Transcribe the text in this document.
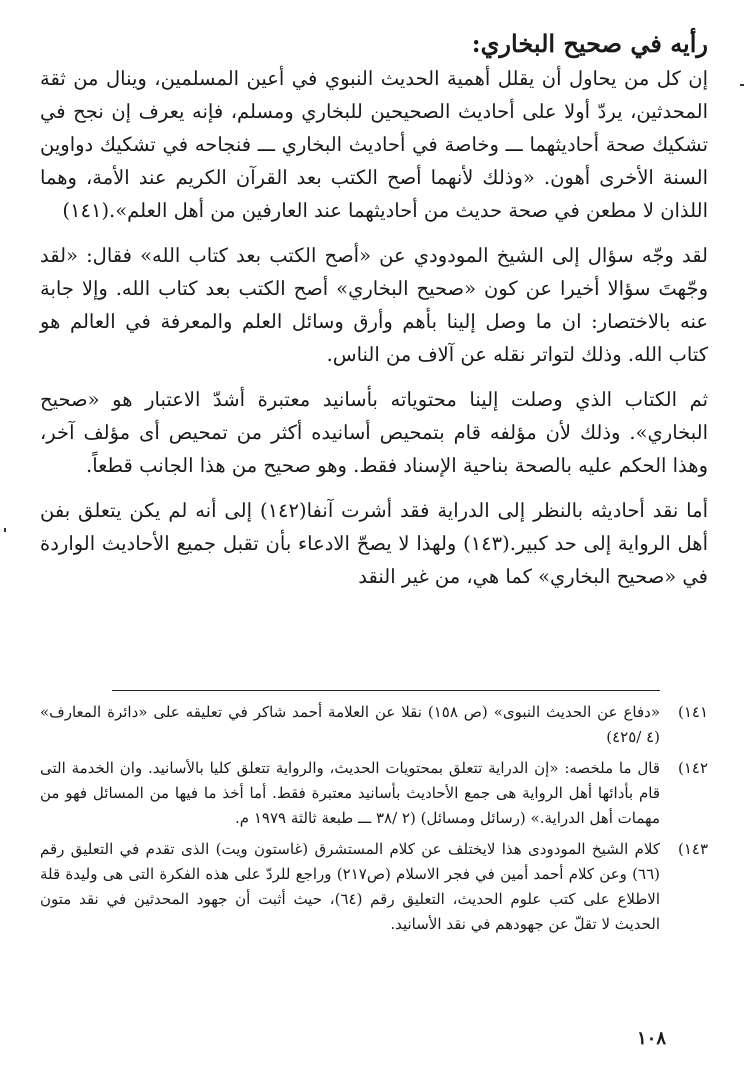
رأيه في صحيح البخاري:

إن كل من يحاول أن يقلل أهمية الحديث النبوي في أعين المسلمين، وينال من ثقة المحدثين، يردّ أولا على أحاديث الصحيحين للبخاري ومسلم، فإنه يعرف إن نجح في تشكيك صحة أحاديثهما ـــ وخاصة في أحاديث البخاري ـــ فنجاحه في تشكيك دواوين السنة الأخرى أهون. «وذلك لأنهما أصح الكتب بعد القرآن الكريم عند الأمة، وهما اللذان لا مطعن في صحة حديث من أحاديثهما عند العارفين من أهل العلم».(١٤١)

لقد وجّه سؤال إلى الشيخ المودودي عن «أصح الكتب بعد كتاب الله» فقال: «لقد وجّهتَ سؤالا أخيرا عن كون «صحيح البخاري» أصح الكتب بعد كتاب الله. وإلا جابة عنه بالاختصار: ان ما وصل إلينا بأهم وأرق وسائل العلم والمعرفة في العالم هو كتاب الله. وذلك لتواتر نقله عن آلاف من الناس.

ثم الكتاب الذي وصلت إلينا محتوياته بأسانيد معتبرة أشدّ الاعتبار هو «صحيح البخاري». وذلك لأن مؤلفه قام بتمحيص أسانيده أكثر من تمحيص أى مؤلف آخر، وهذا الحكم عليه بالصحة بناحية الإسناد فقط. وهو صحيح من هذا الجانب قطعاً.

أما نقد أحاديثه بالنظر إلى الدراية فقد أشرت آنفا(١٤٢) إلى أنه لم يكن يتعلق بفن أهل الرواية إلى حد كبير.(١٤٣) ولهذا لا يصحّ الادعاء بأن تقبل جميع الأحاديث الواردة في «صحيح البخاري» كما هي، من غير النقد

١٤١)
«دفاع عن الحديث النبوى» (ص ١٥٨) نقلا عن العلامة أحمد شاكر في تعليقه على «دائرة المعارف» (٤ /٤٢٥)
١٤٢)
قال ما ملخصه: «إن الدراية تتعلق بمحتويات الحديث، والرواية تتعلق كليا بالأسانيد. وان الخدمة التى قام بأدائها أهل الرواية هى جمع الأحاديث بأسانيد معتبرة فقط. أما أخذ ما فيها من المسائل فهو من مهمات أهل الدراية.» (رسائل ومسائل) (٢ /٣٨ ـــ طبعة ثالثة ١٩٧٩ م.
١٤٣)
كلام الشيخ المودودى هذا لايختلف عن كلام المستشرق (غاستون ويت) الذى تقدم في التعليق رقم (٦٦) وعن كلام أحمد أمين في فجر الاسلام (ص٢١٧) وراجع للردّ على هذه الفكرة التى هى وليدة قلة الاطلاع على كتب علوم الحديث، التعليق رقم (٦٤)، حيث أثبت أن جهود المحدثين في نقد متون الحديث لا تقلّ عن جهودهم في نقد الأسانيد.
١٠٨
